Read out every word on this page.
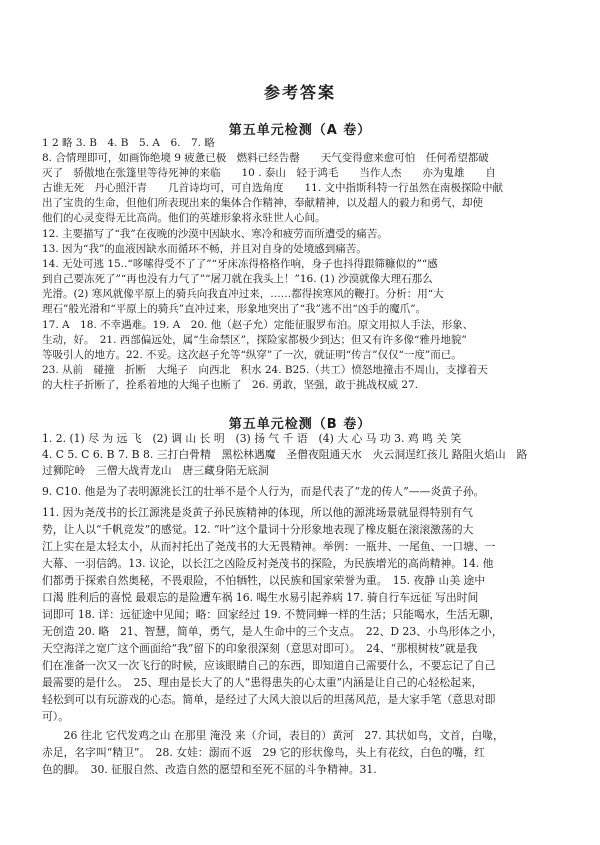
参考答案
第五单元检测（A 卷）
1 2 略 3. B　4. B　5. A　6.　7. 略
8. 合情理即可，如画饰绝境 9 疲惫已极　燃料已经告罄　　天气变得愈来愈可怕　任何希望都破
灭了　骄傲地在张篷里等待死神的来临　　10 . 泰山　轻于鸿毛　　当作人杰　　亦为鬼雄　　自
古谁无死　丹心照汗青　　几首诗均可，可自选角度　　11. 文中指斯科特一行虽然在南极探险中献
出了宝贵的生命，但他们所表现出来的集体合作精神，奉献精神，以及超人的毅力和勇气，却使
他们的心灵变得无比高尚。他们的英雄形象将永驻世人心间。
12. 主要描写了“我”在夜晚的沙漠中因缺水、寒冷和疲劳而所遭受的痛苦。
13. 因为“我”的血液因缺水而循环不畅，并且对自身的处境感到痛苦。
14. 无处可逃 15..“哆嗦得受不了了”“牙床冻得格格作响，身子也抖得跟筛糠似的”“感
到自己要冻死了”“再也没有力气了”“屠刀就在我头上！”16. (1) 沙漠就像大理石那么
光滑。(2) 寒风就像平原上的骑兵向我直冲过来，……都得挨寒风的鞭打。分析：用“大
理石”般光滑和“平原上的骑兵”直冲过来，形象地突出了“我”逃不出“凶手的魔爪”。
17. A　18. 不幸遇难。19. A　20. 他（赵子允）定能征服罗布泊。原文用拟人手法，形象、
生动，好。　21. 西部偏远处，属“生命禁区”，探险家都极少到达；但又有许多像“雅丹地貌”
等吸引人的地方。22. 不妥。这次赵子允等“纵穿”了一次，就证明“传言”仅仅“一度”而已。
23. 从前　碰撞　折断　大绳子　向西北　积水 24. B25.（共工）愤怒地撞击不周山，支撑着天
的大柱子折断了，拴系着地的大绳子也断了　26. 勇敢，坚强，敢于挑战权威 27.
第五单元检测（B 卷）
1. 2. (1) 尽 为 远 飞　(2) 调 山 长 明　(3) 扬 气 千 语　(4) 大 心 马 功 3. 鸡 鸣 关 笑
4. C 5. C 6. B 7. B 8. 三打白骨精　黑松林遇魔　圣僧夜阻通天水　火云洞逞红孩儿 路阻火焰山　路
过狮陀岭　三僧大战青龙山　唐三藏身陷无底洞
9. C10. 他是为了表明源洮长江的壮举不是个人行为，而是代表了“龙的传人”——炎黄子孙。
11. 因为尧茂书的长江源洮是炎黄子孙民族精神的体现，所以他的源洮场景就显得特别有气
势，让人以“千帆竞发”的感觉。12. “叶”这个量词十分形象地表现了橡皮艇在滚滚激荡的大
江上实在是太轻太小，从而衬托出了尧茂书的大无畏精神。举例：一瓶井、一尾鱼、一口塘、一
大幕、一羽信鸽。13. 议论，以长江之凶险反衬尧茂书的探险，为民族增光的高尚精神。14. 他
们都勇于探索自然奥秘，不畏艰险，不怕牺牲，以民族和国家荣誉为重。　15. 夜静 山美 途中
口渴 胜利后的喜悦 最艰忘的是险遭车祸 16. 喝生水易引起养病 17. 骑自行车远征 写出时间
词即可 18. 详：远征途中见闻；略：回家经过 19. 不赞同蝉一样的生活；只能喝水，生活无聊，
无创造 20. 略　21、智慧，简单，勇气，是人生命中的三个支点。　22、D 23、小鸟形体之小，
天空海洋之宽广这个画面给“我”留下的印象很深刻（意思对即可）。　24、“那根树枝”就是我
们在准备一次又一次飞行的时候，应该眼睛自己的东西，即知道自己需要什么，不要忘记了自己
最需要的是什么。　25、理由是长大了的人“患得患失的心太重”内涵是让自己的心轻松起来，
轻松到可以有玩游戏的心态。简单，是经过了大风大浪以后的坦荡风范，是大家手笔（意思对即
可）。
　　26 往北 它代发鸡之山 在那里 淹没 来（介词，表目的）黄河　27. 其状如鸟，文首，白喙，
赤足，名字叫“精卫”。　28. 女娃：溺而不返　29 它的形状像鸟，头上有花纹，白色的嘴，红
色的脚。　30. 征服自然、改造自然的愿望和至死不屈的斗争精神。31.
